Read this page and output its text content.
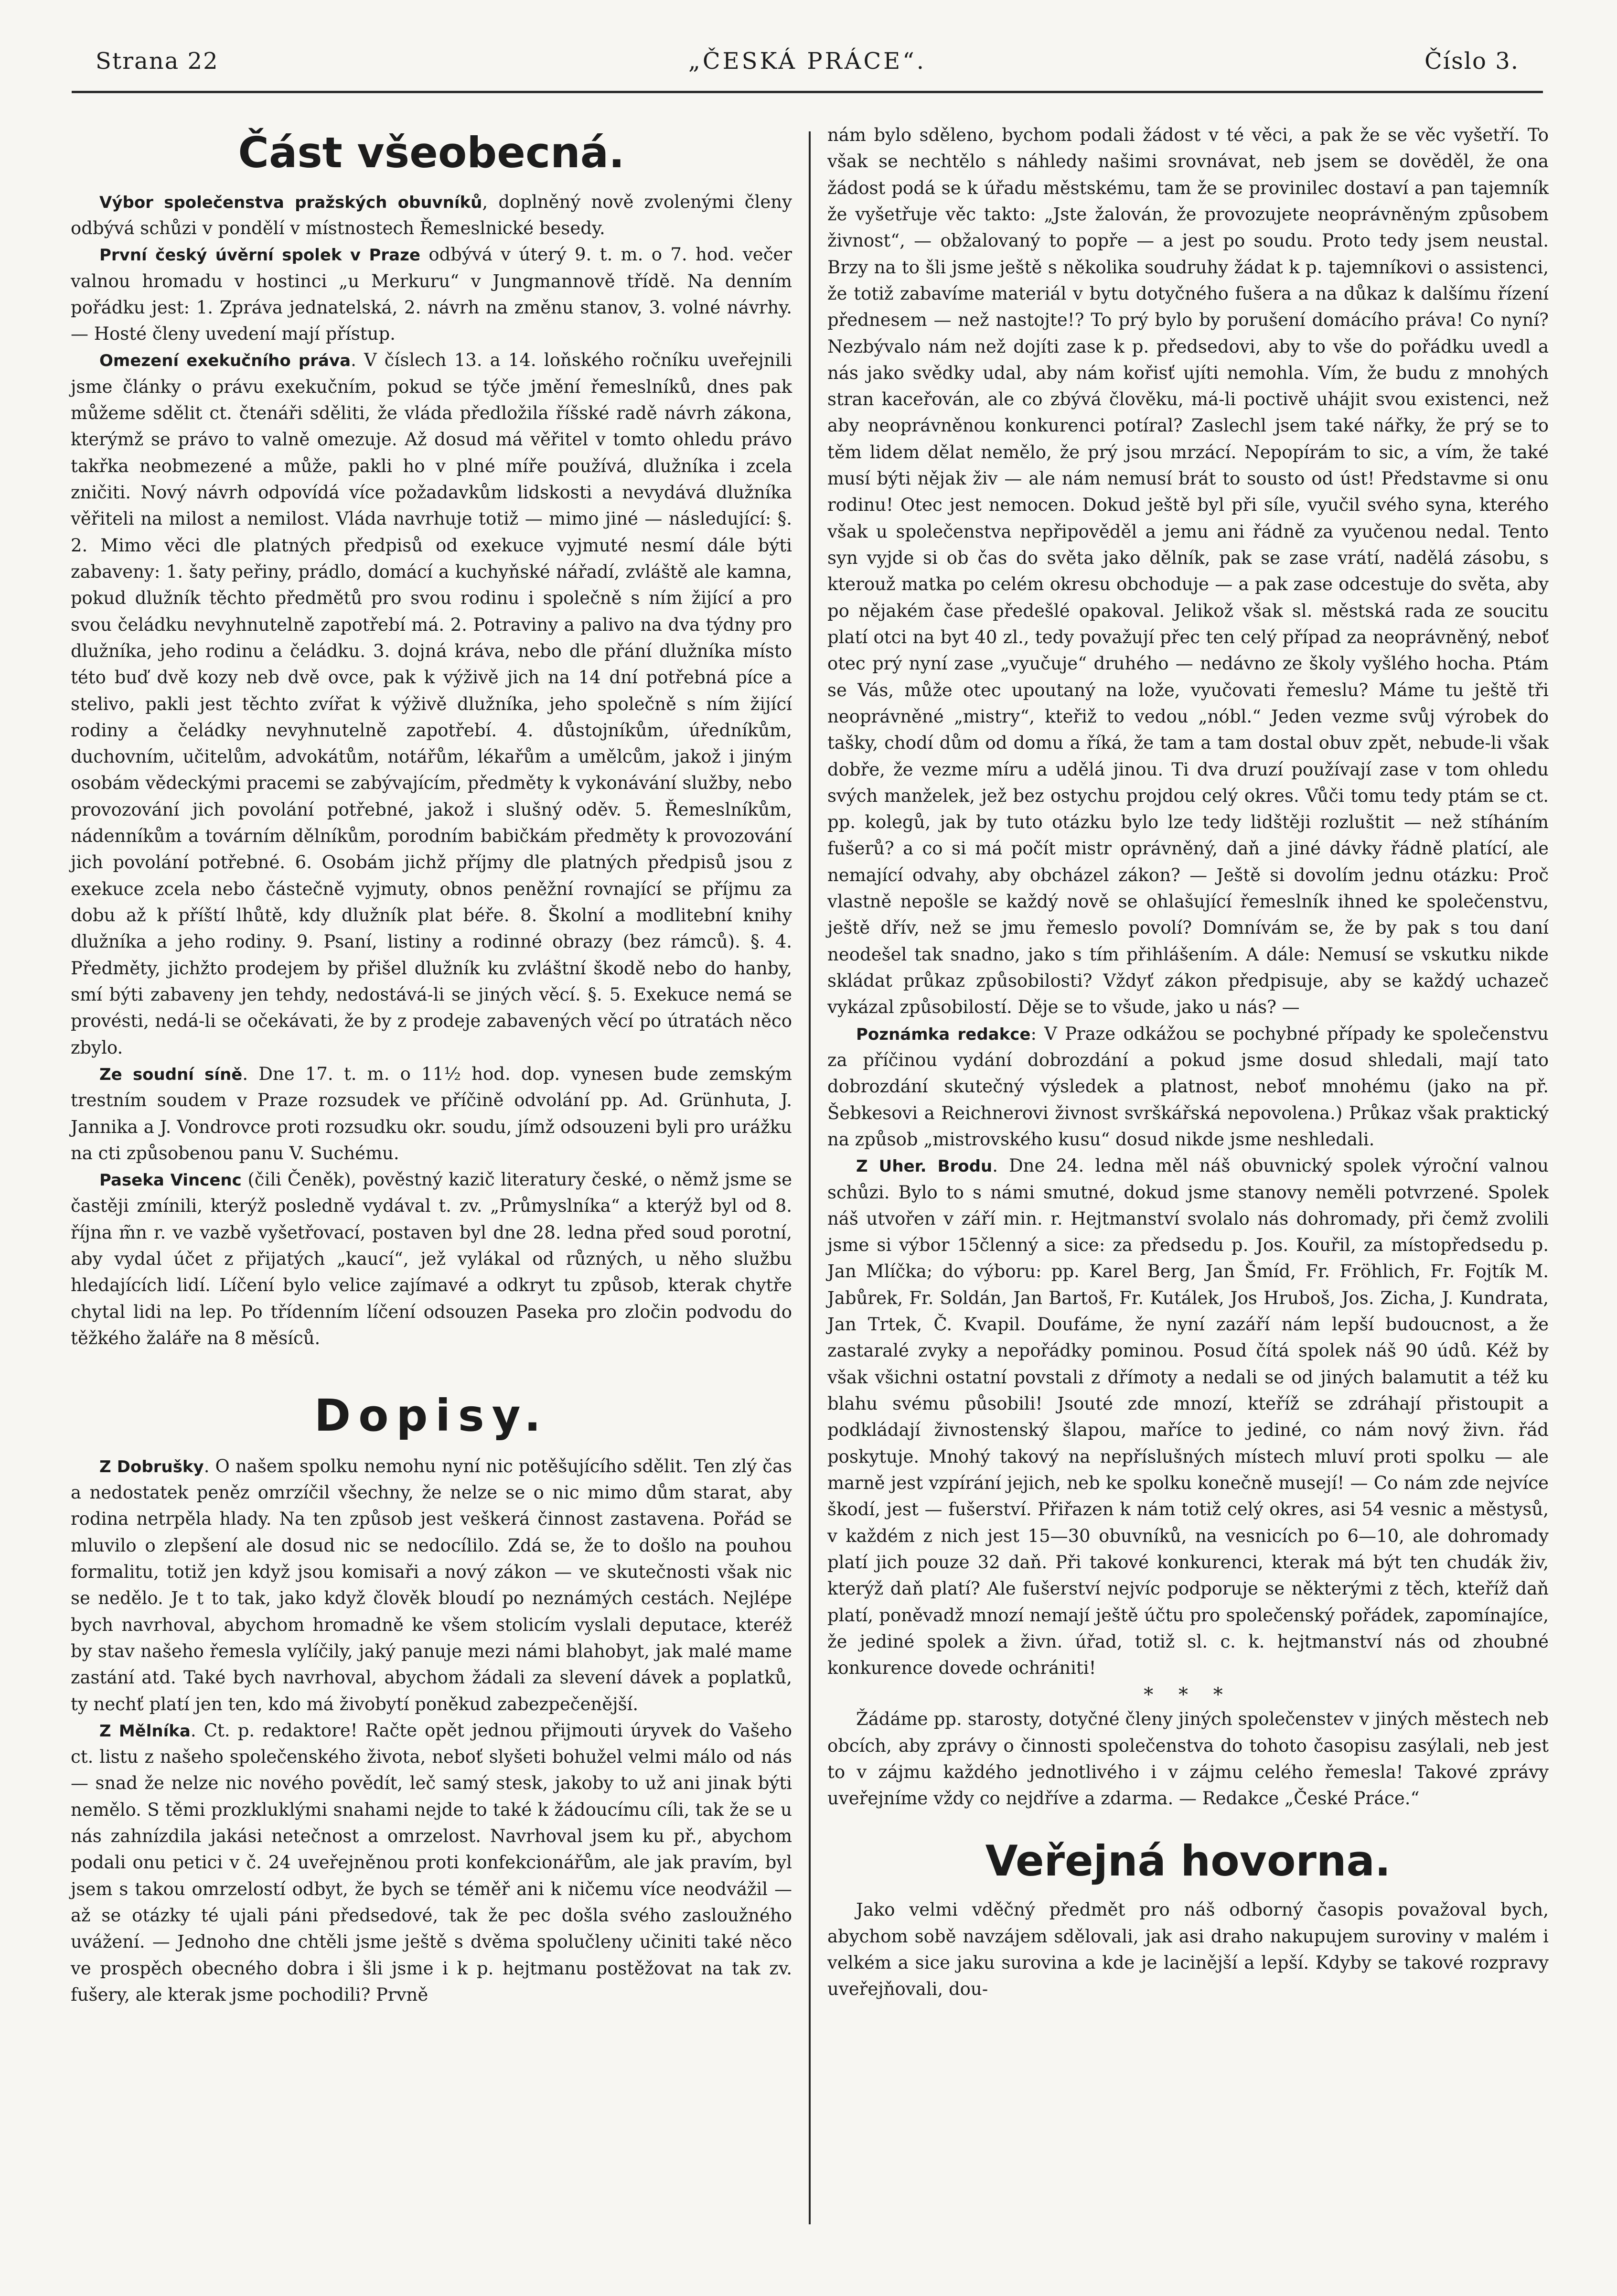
Strana 22	„ČESKÁ PRÁCE“.	Číslo 3.
Část všeobecná.

Výbor společenstva pražských obuvníků, doplněný nově zvolenými členy odbývá schůzi v pondělí v místnostech Řemeslnické besedy.

První český úvěrní spolek v Praze odbývá v úterý 9. t. m. o 7. hod. večer valnou hromadu v hostinci „u Merkuru“ v Jungmannově třídě. Na denním pořádku jest: 1. Zpráva jednatelská, 2. návrh na změnu stanov, 3. volné návrhy. — Hosté členy uvedení mají přístup.

Omezení exekučního práva. V číslech 13. a 14. loňského ročníku uveřejnili jsme články o právu exekučním, pokud se týče jmění řemeslníků, dnes pak můžeme sdělit ct. čtenáři sděliti, že vláda předložila říšské radě návrh zákona, kterýmž se právo to valně omezuje. Až dosud má věřitel v tomto ohledu právo takřka neobmezené a může, pakli ho v plné míře používá, dlužníka i zcela zničiti. Nový návrh odpovídá více požadavkům lidskosti a nevydává dlužníka věřiteli na milost a nemilost. Vláda navrhuje totiž — mimo jiné — následující: §. 2. Mimo věci dle platných předpisů od exekuce vyjmuté nesmí dále býti zabaveny: 1. šaty peřiny, prádlo, domácí a kuchyňské nářadí, zvláště ale kamna, pokud dlužník těchto předmětů pro svou rodinu i společně s ním žijící a pro svou čeládku nevyhnutelně zapotřebí má. 2. Potraviny a palivo na dva týdny pro dlužníka, jeho rodinu a čeládku. 3. dojná kráva, nebo dle přání dlužníka místo této buď dvě kozy neb dvě ovce, pak k výživě jich na 14 dní potřebná píce a stelivo, pakli jest těchto zvířat k výživě dlužníka, jeho společně s ním žijící rodiny a čeládky nevyhnutelně zapotřebí. 4. důstojníkům, úředníkům, duchovním, učitelům, advokátům, notářům, lékařům a umělcům, jakož i jiným osobám vědeckými pracemi se zabývajícím, předměty k vykonávání služby, nebo provozování jich povolání potřebné, jakož i slušný oděv. 5. Řemeslníkům, nádenníkům a továrním dělníkům, porodním babičkám předměty k provozování jich povolání potřebné. 6. Osobám jichž příjmy dle platných předpisů jsou z exekuce zcela nebo částečně vyjmuty, obnos peněžní rovnající se příjmu za dobu až k příští lhůtě, kdy dlužník plat béře. 8. Školní a modlitební knihy dlužníka a jeho rodiny. 9. Psaní, listiny a rodinné obrazy (bez rámců). §. 4. Předměty, jichžto prodejem by přišel dlužník ku zvláštní škodě nebo do hanby, smí býti zabaveny jen tehdy, nedostává-li se jiných věcí. §. 5. Exekuce nemá se provésti, nedá-li se očekávati, že by z prodeje zabavených věcí po útratách něco zbylo.

Ze soudní síně. Dne 17. t. m. o 11½ hod. dop. vynesen bude zemským trestním soudem v Praze rozsudek ve příčině odvolání pp. Ad. Grünhuta, J. Jannika a J. Vondrovce proti rozsudku okr. soudu, jímž odsouzeni byli pro urážku na cti způsobenou panu V. Suchému.

Paseka Vincenc (čili Čeněk), pověstný kazič literatury české, o němž jsme se častěji zmínili, kterýž posledně vydával t. zv. „Průmyslníka“ a kterýž byl od 8. října m̃n r. ve vazbě vyšetřovací, postaven byl dne 28. ledna před soud porotní, aby vydal účet z přijatých „kaucí“, jež vylákal od různých, u něho službu hledajících lidí. Líčení bylo velice zajímavé a odkryt tu způsob, kterak chytře chytal lidi na lep. Po třídenním líčení odsouzen Paseka pro zločin podvodu do těžkého žaláře na 8 měsíců.

Dopisy.

Z Dobrušky. O našem spolku nemohu nyní nic potěšujícího sdělit. Ten zlý čas a nedostatek peněz omrzíčil všechny, že nelze se o nic mimo dům starat, aby rodina netrpěla hlady. Na ten způsob jest veškerá činnost zastavena. Pořád se mluvilo o zlepšení ale dosud nic se nedocílilo. Zdá se, že to došlo na pouhou formalitu, totiž jen když jsou komisaři a nový zákon — ve skutečnosti však nic se nedělo. Je t to tak, jako když člověk bloudí po neznámých cestách. Nejlépe bych navrhoval, abychom hromadně ke všem stolicím vyslali deputace, kteréž by stav našeho řemesla vylíčily, jaký panuje mezi námi blahobyt, jak malé mame zastání atd. Také bych navrhoval, abychom žádali za slevení dávek a poplatků, ty nechť platí jen ten, kdo má živobytí poněkud zabezpečenější.

Z Mělníka. Ct. p. redaktore! Račte opět jednou přijmouti úryvek do Vašeho ct. listu z našeho společenského života, neboť slyšeti bohužel velmi málo od nás — snad že nelze nic nového povědít, leč samý stesk, jakoby to už ani jinak býti nemělo. S těmi prozkluklými snahami nejde to také k žádoucímu cíli, tak že se u nás zahnízdila jakási netečnost a omrzelost. Navrhoval jsem ku př., abychom podali onu petici v č. 24 uveřejněnou proti konfekcionářům, ale jak pravím, byl jsem s takou omrzelostí odbyt, že bych se téměř ani k ničemu více neodvážil — až se otázky té ujali páni předsedové, tak že pec došla svého zasloužného uvážení. — Jednoho dne chtěli jsme ještě s dvěma spolučleny učiniti také něco ve prospěch obecného dobra i šli jsme i k p. hejtmanu postěžovat na tak zv. fušery, ale kterak jsme pochodili? Prvně

nám bylo sděleno, bychom podali žádost v té věci, a pak že se věc vyšetří. To však se nechtělo s náhledy našimi srovnávat, neb jsem se dověděl, že ona žádost podá se k úřadu městskému, tam že se provinilec dostaví a pan tajemník že vyšetřuje věc takto: „Jste žalován, že provozujete neoprávněným způsobem živnost“, — obžalovaný to popře — a jest po soudu. Proto tedy jsem neustal. Brzy na to šli jsme ještě s několika soudruhy žádat k p. tajemníkovi o assistenci, že totiž zabavíme materiál v bytu dotyčného fušera a na důkaz k dalšímu řízení přednesem — než nastojte!? To prý bylo by porušení domácího práva! Co nyní? Nezbývalo nám než dojíti zase k p. předsedovi, aby to vše do pořádku uvedl a nás jako svědky udal, aby nám kořisť ujíti nemohla. Vím, že budu z mnohých stran kaceřován, ale co zbývá člověku, má-li poctivě uhájit svou existenci, než aby neoprávněnou konkurenci potíral? Zaslechl jsem také nářky, že prý se to těm lidem dělat nemělo, že prý jsou mrzácí. Nepopírám to sic, a vím, že také musí býti nějak živ — ale nám nemusí brát to sousto od úst! Představme si onu rodinu! Otec jest nemocen. Dokud ještě byl při síle, vyučil svého syna, kterého však u společenstva nepřipověděl a jemu ani řádně za vyučenou nedal. Tento syn vyjde si ob čas do světa jako dělník, pak se zase vrátí, nadělá zásobu, s kterouž matka po celém okresu obchoduje — a pak zase odcestuje do světa, aby po nějakém čase předešlé opakoval. Jelikož však sl. městská rada ze soucitu platí otci na byt 40 zl., tedy považují přec ten celý případ za neoprávněný, neboť otec prý nyní zase „vyučuje“ druhého — nedávno ze školy vyšlého hocha. Ptám se Vás, může otec upoutaný na lože, vyučovati řemeslu? Máme tu ještě tři neoprávněné „mistry“, kteřiž to vedou „nóbl.“ Jeden vezme svůj výrobek do tašky, chodí dům od domu a říká, že tam a tam dostal obuv zpět, nebude-li však dobře, že vezme míru a udělá jinou. Ti dva druzí používají zase v tom ohledu svých manželek, jež bez ostychu projdou celý okres. Vůči tomu tedy ptám se ct. pp. kolegů, jak by tuto otázku bylo lze tedy lidštěji rozluštit — než stíháním fušerů? a co si má počít mistr oprávněný, daň a jiné dávky řádně platící, ale nemající odvahy, aby obcházel zákon? — Ještě si dovolím jednu otázku: Proč vlastně nepošle se každý nově se ohlašující řemeslník ihned ke společenstvu, ještě dřív, než se jmu řemeslo povolí? Domnívám se, že by pak s tou daní neodešel tak snadno, jako s tím přihlášením. A dále: Nemusí se vskutku nikde skládat průkaz způsobilosti? Vždyť zákon předpisuje, aby se každý uchazeč vykázal způsobilostí. Děje se to všude, jako u nás? —

Poznámka redakce: V Praze odkážou se pochybné případy ke společenstvu za příčinou vydání dobrozdání a pokud jsme dosud shledali, mají tato dobrozdání skutečný výsledek a platnost, neboť mnohému (jako na př. Šebkesovi a Reichnerovi živnost svrškářská nepovolena.) Průkaz však praktický na způsob „mistrovského kusu“ dosud nikde jsme neshledali.

Z Uher. Brodu. Dne 24. ledna měl náš obuvnický spolek výroční valnou schůzi. Bylo to s námi smutné, dokud jsme stanovy neměli potvrzené. Spolek náš utvořen v září min. r. Hejtmanství svolalo nás dohromady, při čemž zvolili jsme si výbor 15členný a sice: za předsedu p. Jos. Kouřil, za místopředsedu p. Jan Mlíčka; do výboru: pp. Karel Berg, Jan Šmíd, Fr. Fröhlich, Fr. Fojtík M. Jabůrek, Fr. Soldán, Jan Bartoš, Fr. Kutálek, Jos Hruboš, Jos. Zicha, J. Kundrata, Jan Trtek, Č. Kvapil. Doufáme, že nyní zazáří nám lepší budoucnost, a že zastaralé zvyky a nepořádky pominou. Posud čítá spolek náš 90 údů. Kéž by však všichni ostatní povstali z dřímoty a nedali se od jiných balamutit a též ku blahu svému působili! Jsouté zde mnozí, kteříž se zdráhají přistoupit a podkládají živnostenský šlapou, maříce to jediné, co nám nový živn. řád poskytuje. Mnohý takový na nepříslušných místech mluví proti spolku — ale marně jest vzpírání jejich, neb ke spolku konečně musejí! — Co nám zde nejvíce škodí, jest — fušerství. Přiřazen k nám totiž celý okres, asi 54 vesnic a městysů, v každém z nich jest 15—30 obuvníků, na vesnicích po 6—10, ale dohromady platí jich pouze 32 daň. Při takové konkurenci, kterak má být ten chudák živ, kterýž daň platí? Ale fušerství nejvíc podporuje se některými z těch, kteříž daň platí, poněvadž mnozí nemají ještě účtu pro společenský pořádek, zapomínajíce, že jediné spolek a živn. úřad, totiž sl. c. k. hejtmanství nás od zhoubné konkurence dovede ochrániti!

* * *

Žádáme pp. starosty, dotyčné členy jiných společenstev v jiných městech neb obcích, aby zprávy o činnosti společenstva do tohoto časopisu zasýlali, neb jest to v zájmu každého jednotlivého i v zájmu celého řemesla! Takové zprávy uveřejníme vždy co nejdříve a zdarma. — Redakce „České Práce.“

Veřejná hovorna.

Jako velmi vděčný předmět pro náš odborný časopis považoval bych, abychom sobě navzájem sdělovali, jak asi draho nakupujem suroviny v malém i velkém a sice jaku surovina a kde je lacinější a lepší. Kdyby se takové rozpravy uveřejňovali, dou-
